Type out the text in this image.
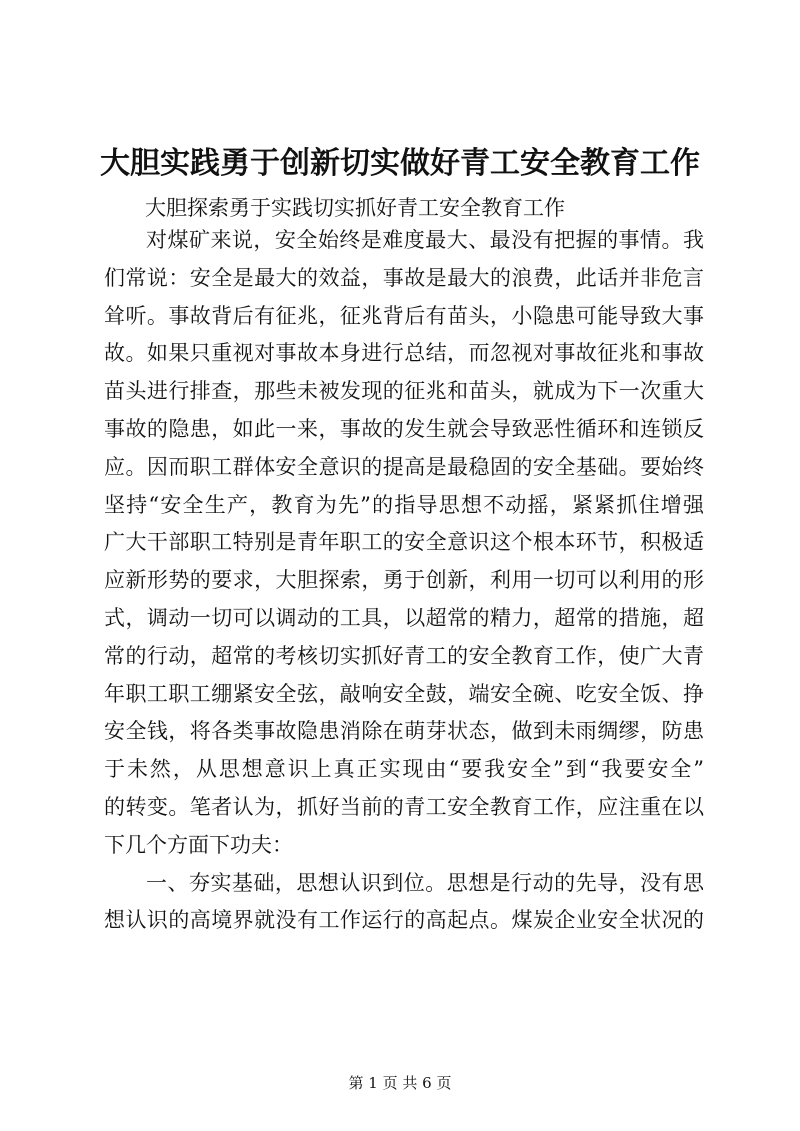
大胆实践勇于创新切实做好青工安全教育工作

大胆探索勇于实践切实抓好青工安全教育工作

对煤矿来说，安全始终是难度最大、最没有把握的事情。我
们常说：安全是最大的效益，事故是最大的浪费，此话并非危言
耸听。事故背后有征兆，征兆背后有苗头，小隐患可能导致大事
故。如果只重视对事故本身进行总结，而忽视对事故征兆和事故
苗头进行排查，那些未被发现的征兆和苗头，就成为下一次重大
事故的隐患，如此一来，事故的发生就会导致恶性循环和连锁反
应。因而职工群体安全意识的提高是最稳固的安全基础。要始终
坚持“安全生产，教育为先”的指导思想不动摇，紧紧抓住增强
广大干部职工特别是青年职工的安全意识这个根本环节，积极适
应新形势的要求，大胆探索，勇于创新，利用一切可以利用的形
式，调动一切可以调动的工具，以超常的精力，超常的措施，超
常的行动，超常的考核切实抓好青工的安全教育工作，使广大青
年职工职工绷紧安全弦，敲响安全鼓，端安全碗、吃安全饭、挣
安全钱，将各类事故隐患消除在萌芽状态，做到未雨绸缪，防患
于未然，从思想意识上真正实现由“要我安全”到“我要安全”
的转变。笔者认为，抓好当前的青工安全教育工作，应注重在以
下几个方面下功夫：
一、夯实基础，思想认识到位。思想是行动的先导，没有思
想认识的高境界就没有工作运行的高起点。煤炭企业安全状况的
第 1 页 共 6 页
